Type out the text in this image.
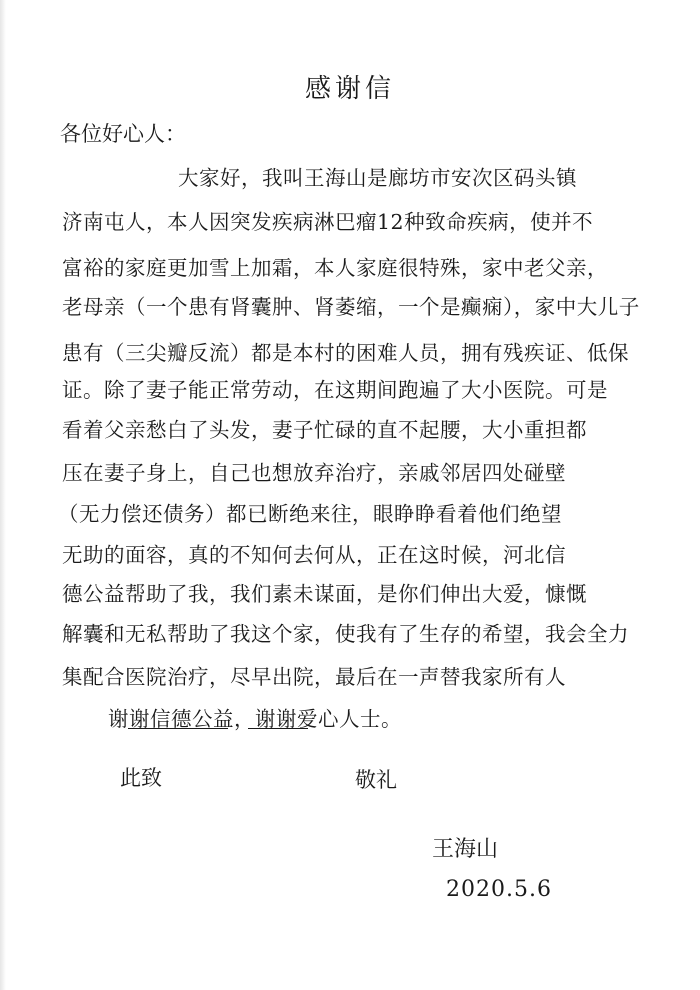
感谢信
各位好心人：
大家好，我叫王海山是廊坊市安次区码头镇
济南屯人，本人因突发疾病淋巴瘤12种致命疾病，使并不
富裕的家庭更加雪上加霜，本人家庭很特殊，家中老父亲，
老母亲（一个患有肾囊肿、肾萎缩，一个是癫痫），家中大儿子
患有（三尖瓣反流）都是本村的困难人员，拥有残疾证、低保
证。除了妻子能正常劳动，在这期间跑遍了大小医院。可是
看着父亲愁白了头发，妻子忙碌的直不起腰，大小重担都
压在妻子身上，自己也想放弃治疗，亲戚邻居四处碰壁
（无力偿还债务）都已断绝来往，眼睁睁看着他们绝望
无助的面容，真的不知何去何从，正在这时候，河北信
德公益帮助了我，我们素未谋面，是你们伸出大爱，慷慨
解囊和无私帮助了我这个家，使我有了生存的希望，我会全力
集配合医院治疗，尽早出院，最后在一声替我家所有人
谢谢信德公益，谢谢爱心人士。
此致	敬礼
王海山
2020.5.6
